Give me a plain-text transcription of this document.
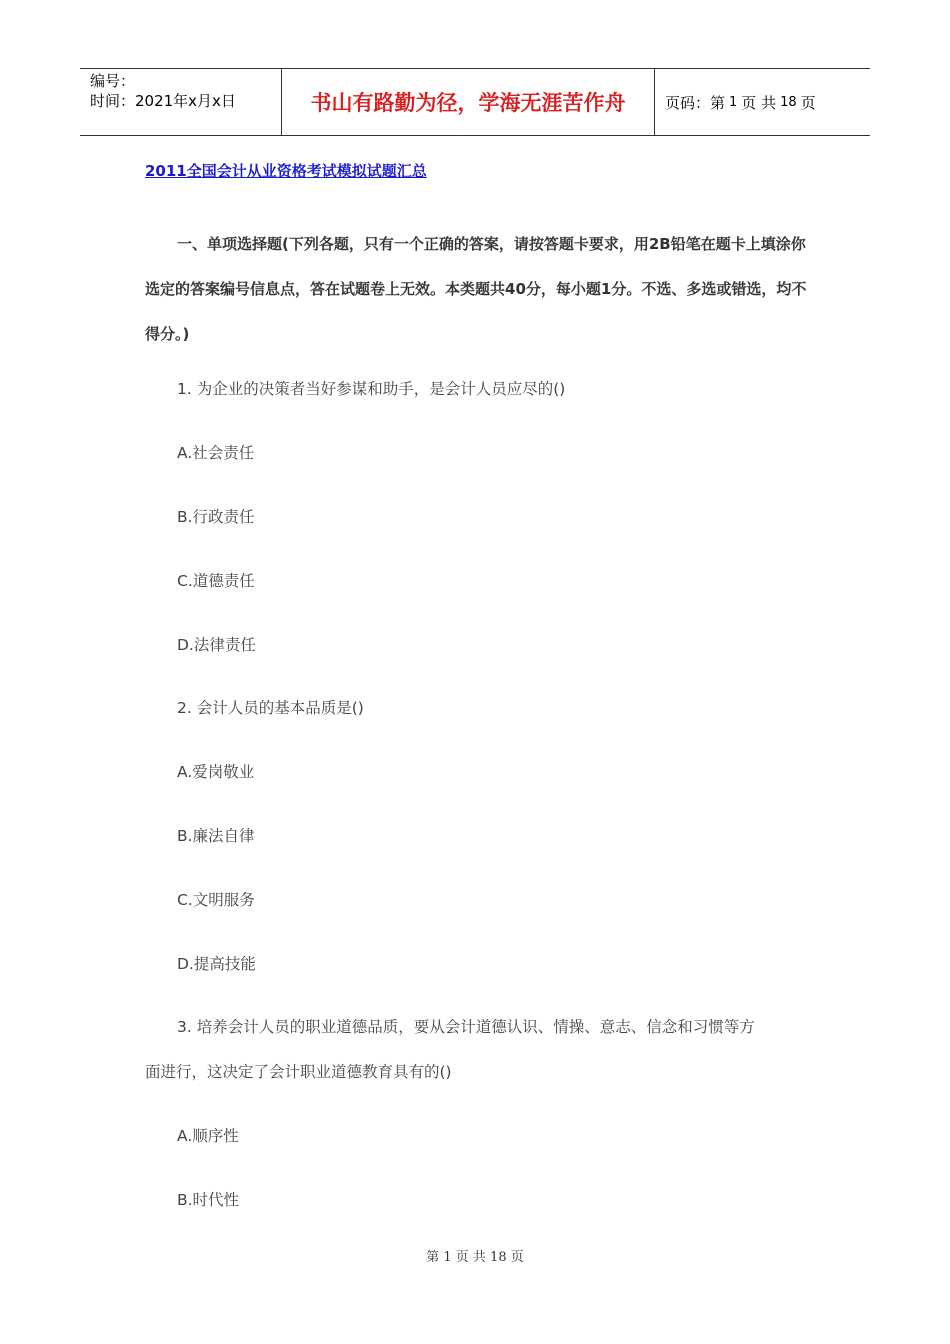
编号：
时间：2021年x月x日	书山有路勤为径，学海无涯苦作舟	页码：第 1 页 共 18 页
2011全国会计从业资格考试模拟试题汇总
一、单项选择题(下列各题，只有一个正确的答案，请按答题卡要求，用2B铅笔在题卡上填涂你选定的答案编号信息点，答在试题卷上无效。本类题共40分，每小题1分。不选、多选或错选，均不得分。)
1. 为企业的决策者当好参谋和助手，是会计人员应尽的()
A.社会责任
B.行政责任
C.道德责任
D.法律责任
2. 会计人员的基本品质是()
A.爱岗敬业
B.廉法自律
C.文明服务
D.提高技能
3. 培养会计人员的职业道德品质，要从会计道德认识、情操、意志、信念和习惯等方
面进行，这决定了会计职业道德教育具有的()
A.顺序性
B.时代性
第 1 页 共 18 页
